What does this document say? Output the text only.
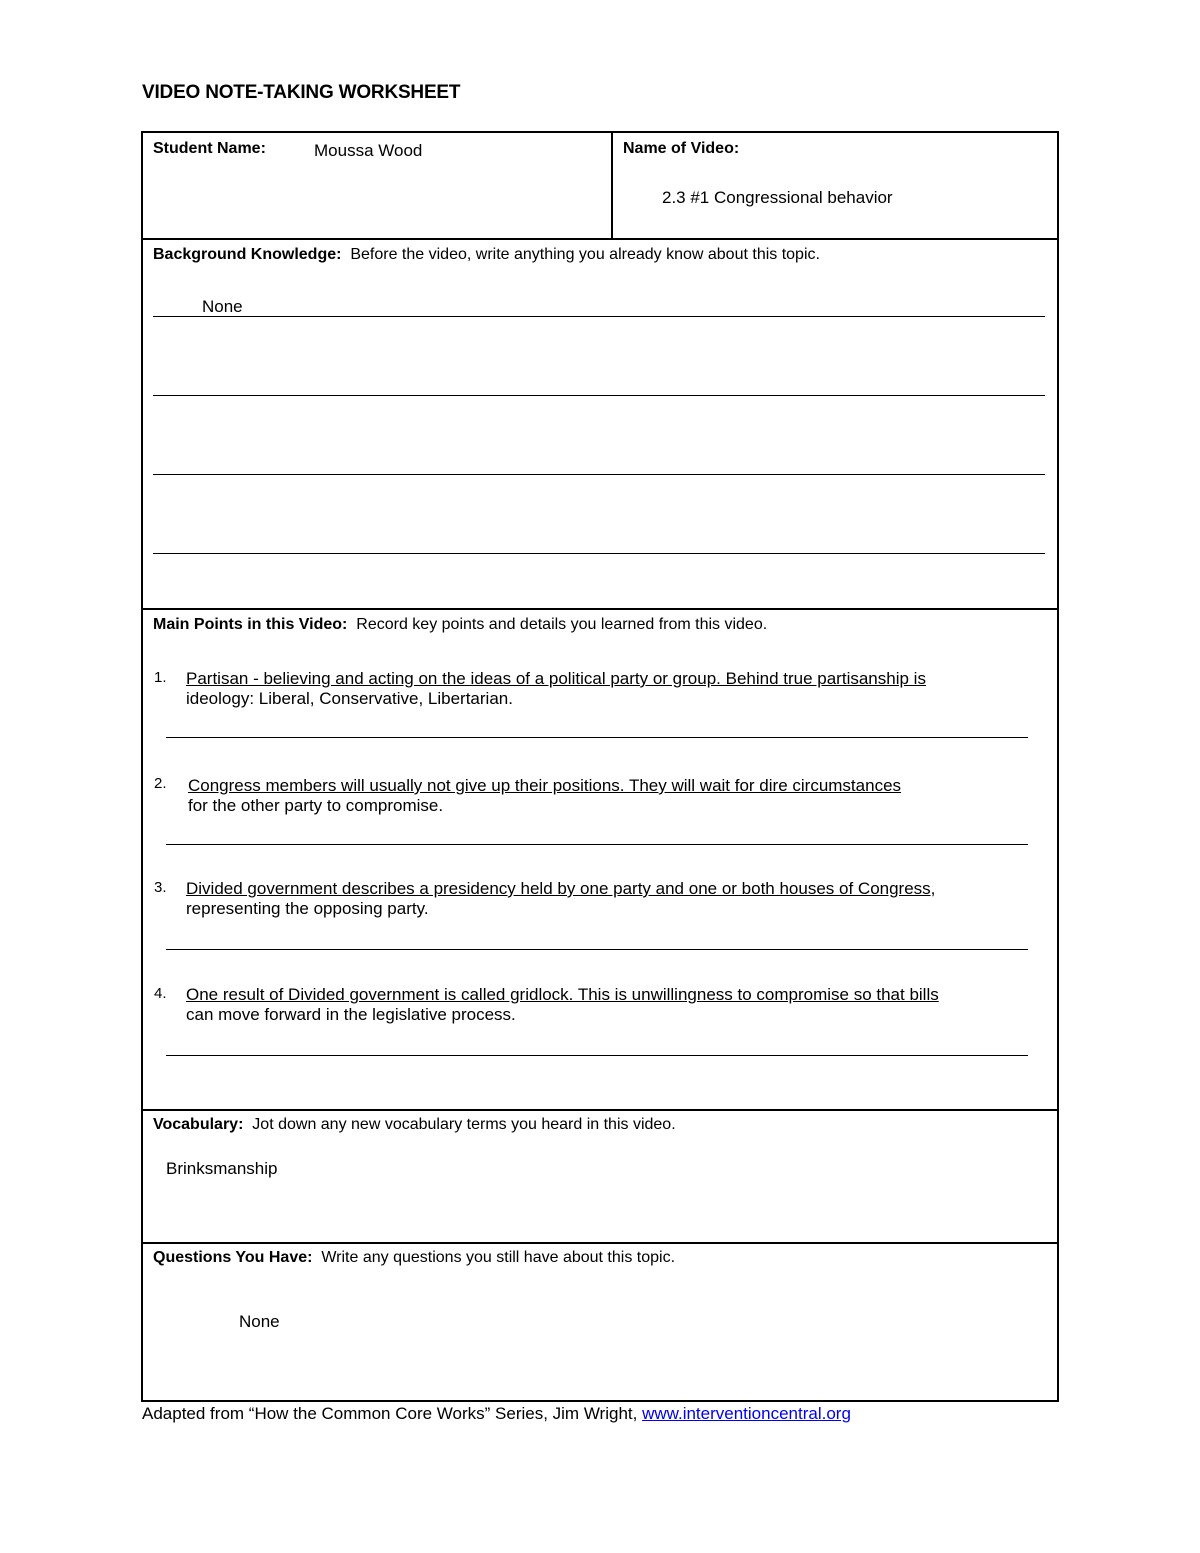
VIDEO NOTE-TAKING WORKSHEET
Student Name:	Moussa Wood	Name of Video:
2.3 #1 Congressional behavior
Background Knowledge: Before the video, write anything you already know about this topic.
None
Main Points in this Video: Record key points and details you learned from this video.
1. Partisan - believing and acting on the ideas of a political party or group. Behind true partisanship is
ideology: Liberal, Conservative, Libertarian.
2. Congress members will usually not give up their positions. They will wait for dire circumstances
for the other party to compromise.
3. Divided government describes a presidency held by one party and one or both houses of Congress,
representing the opposing party.
4. One result of Divided government is called gridlock. This is unwillingness to compromise so that bills
can move forward in the legislative process.
Vocabulary: Jot down any new vocabulary terms you heard in this video.
Brinksmanship
Questions You Have: Write any questions you still have about this topic.
None
Adapted from “How the Common Core Works” Series, Jim Wright, www.interventioncentral.org
